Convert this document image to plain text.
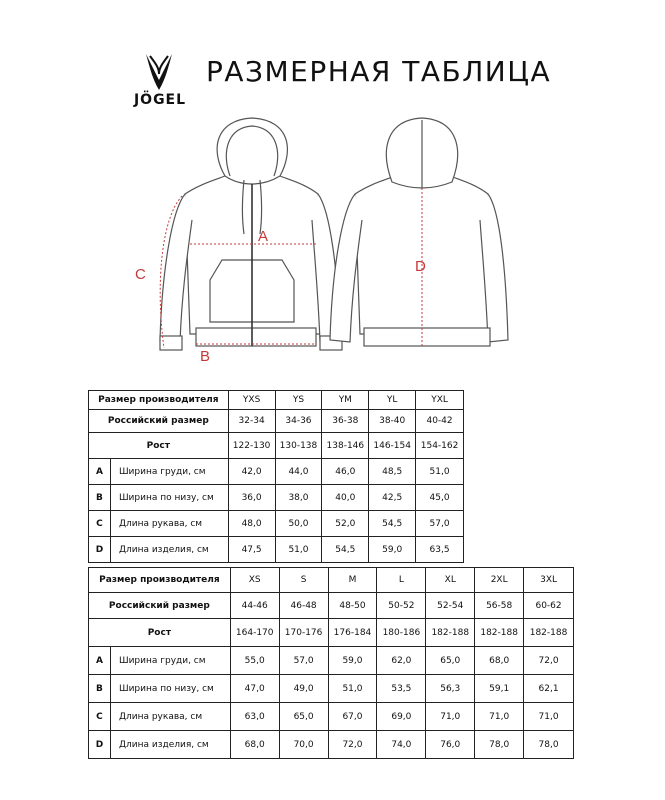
JÖGEL
РАЗМЕРНАЯ ТАБЛИЦА
A
B
C	D
Размер производителя		YXS	YS	YM	YL	YXL
Российский размер		32-34	34-36	36-38	38-40	40-42
Рост		122-130	130-138	138-146	146-154	154-162
A	Ширина груди, см	42,0	44,0	46,0	48,5	51,0
B	Ширина по низу, см	36,0	38,0	40,0	42,5	45,0
C	Длина рукава, см	48,0	50,0	52,0	54,5	57,0
D	Длина изделия, см	47,5	51,0	54,5	59,0	63,5
Размер производителя		XS	S	M	L	XL	2XL	3XL
Российский размер		44-46	46-48	48-50	50-52	52-54	56-58	60-62
Рост		164-170	170-176	176-184	180-186	182-188	182-188	182-188
A	Ширина груди, см	55,0	57,0	59,0	62,0	65,0	68,0	72,0
B	Ширина по низу, см	47,0	49,0	51,0	53,5	56,3	59,1	62,1
C	Длина рукава, см	63,0	65,0	67,0	69,0	71,0	71,0	71,0
D	Длина изделия, см	68,0	70,0	72,0	74,0	76,0	78,0	78,0
